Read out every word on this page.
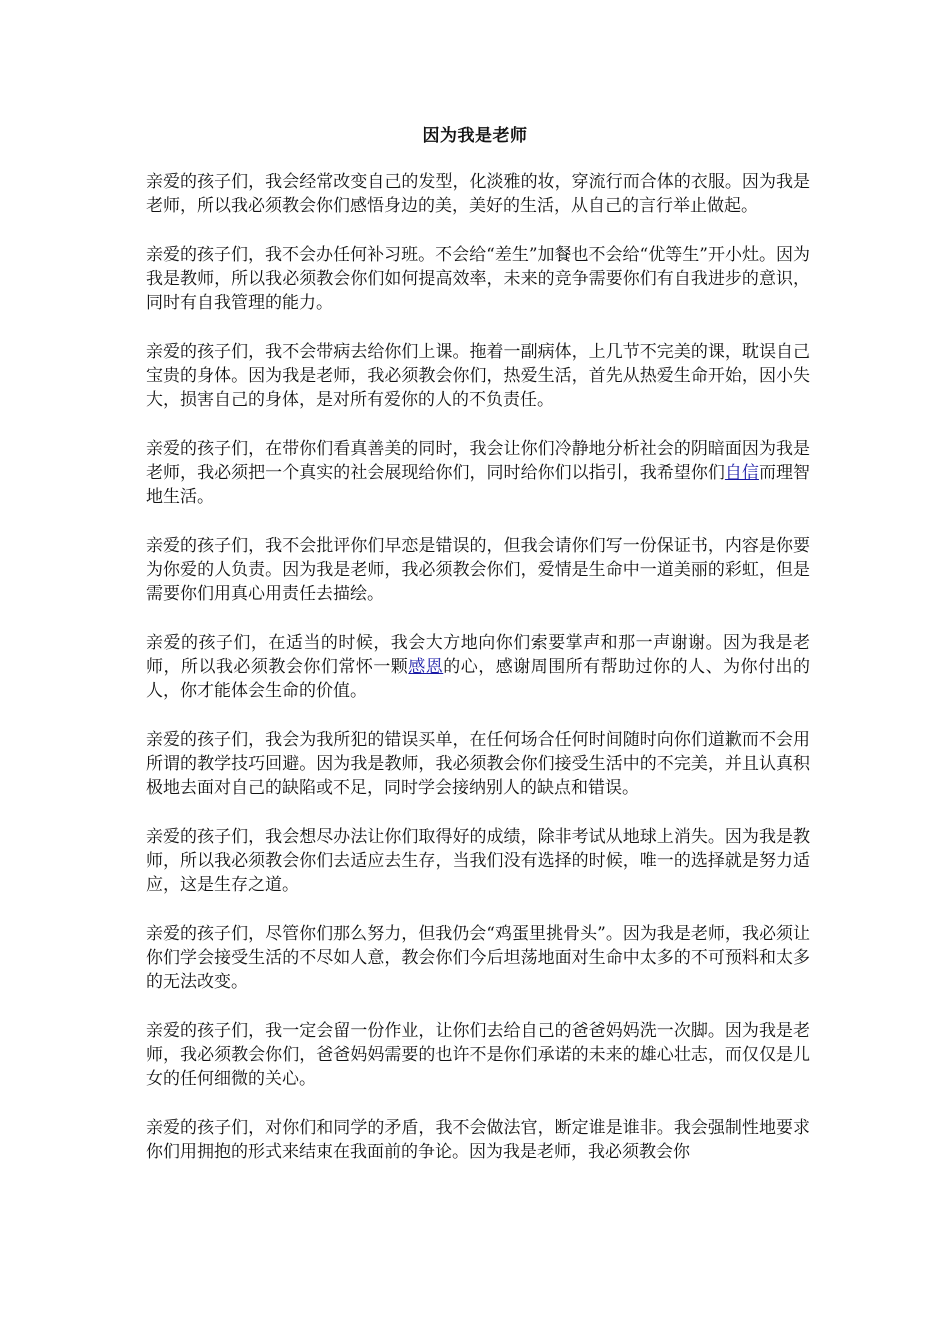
因为我是老师

亲爱的孩子们，我会经常改变自己的发型，化淡雅的妆，穿流行而合体的衣服。因为我是老师，所以我必须教会你们感悟身边的美，美好的生活，从自己的言行举止做起。

亲爱的孩子们，我不会办任何补习班。不会给“差生”加餐也不会给“优等生”开小灶。因为我是教师，所以我必须教会你们如何提高效率，未来的竞争需要你们有自我进步的意识，同时有自我管理的能力。

亲爱的孩子们，我不会带病去给你们上课。拖着一副病体，上几节不完美的课，耽误自己宝贵的身体。因为我是老师，我必须教会你们，热爱生活，首先从热爱生命开始，因小失大，损害自己的身体，是对所有爱你的人的不负责任。

亲爱的孩子们，在带你们看真善美的同时，我会让你们冷静地分析社会的阴暗面因为我是老师，我必须把一个真实的社会展现给你们，同时给你们以指引，我希望你们自信而理智地生活。

亲爱的孩子们，我不会批评你们早恋是错误的，但我会请你们写一份保证书，内容是你要为你爱的人负责。因为我是老师，我必须教会你们，爱情是生命中一道美丽的彩虹，但是需要你们用真心用责任去描绘。

亲爱的孩子们，在适当的时候，我会大方地向你们索要掌声和那一声谢谢。因为我是老师，所以我必须教会你们常怀一颗感恩的心，感谢周围所有帮助过你的人、为你付出的人，你才能体会生命的价值。

亲爱的孩子们，我会为我所犯的错误买单，在任何场合任何时间随时向你们道歉而不会用所谓的教学技巧回避。因为我是教师，我必须教会你们接受生活中的不完美，并且认真积极地去面对自己的缺陷或不足，同时学会接纳别人的缺点和错误。

亲爱的孩子们，我会想尽办法让你们取得好的成绩，除非考试从地球上消失。因为我是教师，所以我必须教会你们去适应去生存，当我们没有选择的时候，唯一的选择就是努力适应，这是生存之道。

亲爱的孩子们，尽管你们那么努力，但我仍会“鸡蛋里挑骨头”。因为我是老师，我必须让你们学会接受生活的不尽如人意，教会你们今后坦荡地面对生命中太多的不可预料和太多的无法改变。

亲爱的孩子们，我一定会留一份作业，让你们去给自己的爸爸妈妈洗一次脚。因为我是老师，我必须教会你们，爸爸妈妈需要的也许不是你们承诺的未来的雄心壮志，而仅仅是儿女的任何细微的关心。

亲爱的孩子们，对你们和同学的矛盾，我不会做法官，断定谁是谁非。我会强制性地要求你们用拥抱的形式来结束在我面前的争论。因为我是老师，我必须教会你
